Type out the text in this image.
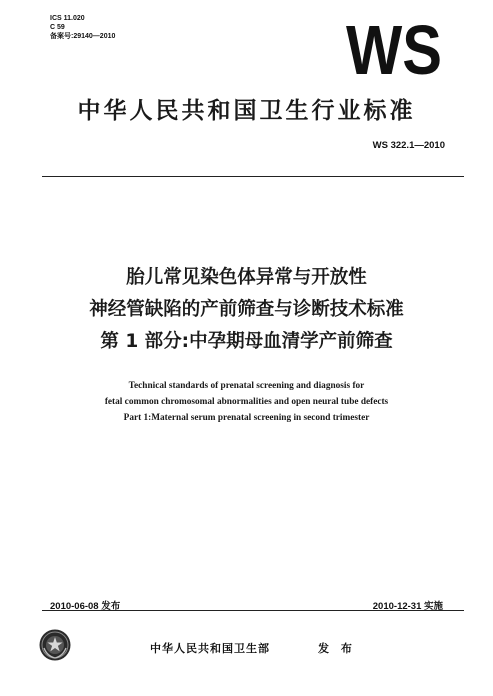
ICS 11.020
C 59
备案号:29140—2010	WS
中华人民共和国卫生行业标准
WS 322.1—2010
胎儿常见染色体异常与开放性
神经管缺陷的产前筛查与诊断技术标准
第 1 部分:中孕期母血清学产前筛查
Technical standards of prenatal screening and diagnosis for
fetal common chromosomal abnormalities and open neural tube defects
Part 1:Maternal serum prenatal screening in second trimester
2010-06-08 发布	2010-12-31 实施
中华人民共和国卫生部	发 布
